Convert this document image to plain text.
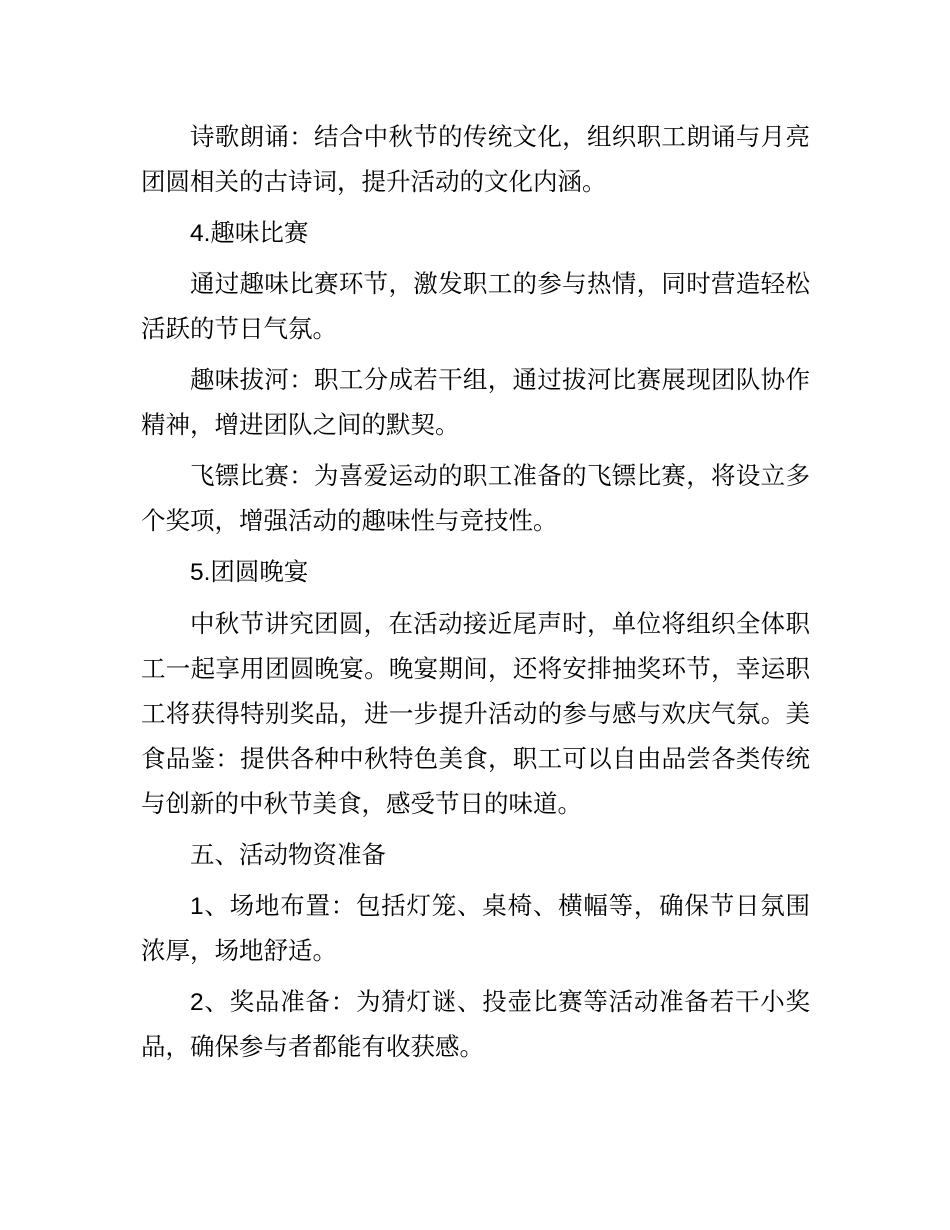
诗歌朗诵：结合中秋节的传统文化，组织职工朗诵与月亮
团圆相关的古诗词，提升活动的文化内涵。
4.趣味比赛
通过趣味比赛环节，激发职工的参与热情，同时营造轻松
活跃的节日气氛。
趣味拔河：职工分成若干组，通过拔河比赛展现团队协作
精神，增进团队之间的默契。
飞镖比赛：为喜爱运动的职工准备的飞镖比赛，将设立多
个奖项，增强活动的趣味性与竞技性。
5.团圆晚宴
中秋节讲究团圆，在活动接近尾声时，单位将组织全体职
工一起享用团圆晚宴。晚宴期间，还将安排抽奖环节，幸运职
工将获得特别奖品，进一步提升活动的参与感与欢庆气氛。美
食品鉴：提供各种中秋特色美食，职工可以自由品尝各类传统
与创新的中秋节美食，感受节日的味道。
五、活动物资准备
1、场地布置：包括灯笼、桌椅、横幅等，确保节日氛围
浓厚，场地舒适。
2、奖品准备：为猜灯谜、投壶比赛等活动准备若干小奖
品，确保参与者都能有收获感。
